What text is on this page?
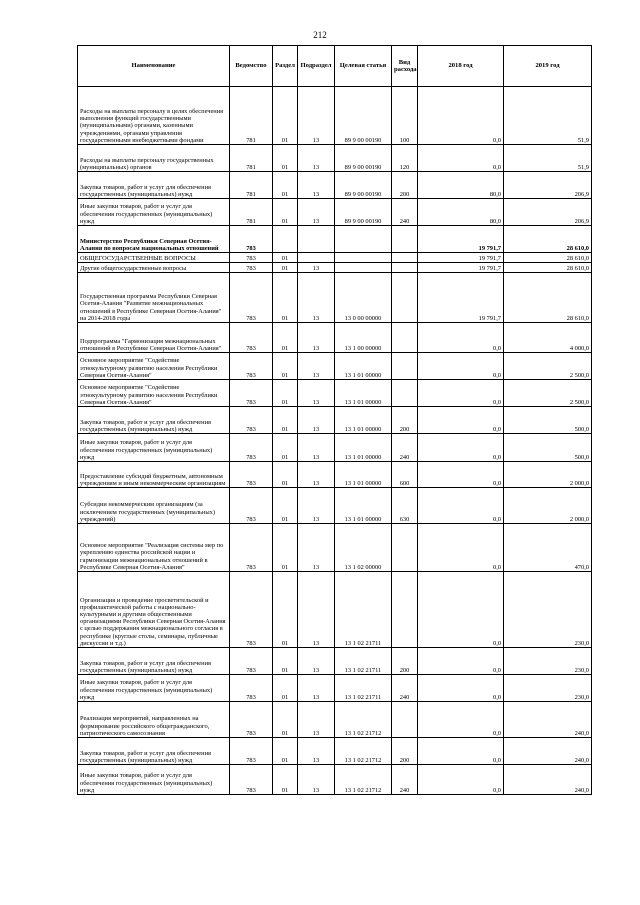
212
Наименование	Ведомство	Раздел	Подраздел	Целевая статья	Вид расхода	2018 год	2019 год
Расходы на выплаты персоналу в целях обеспечения выполнения функций государственными (муниципальными) органами, казенными учреждениями, органами управления государственными внебюджетными фондами	781	01	13	89 9 00 00190	100	0,0	51,9
Расходы на выплаты персоналу государственных (муниципальных) органов	781	01	13	89 9 00 00190	120	0,0	51,9
Закупка товаров, работ и услуг для обеспечения государственных (муниципальных) нужд	781	01	13	89 9 00 00190	200	80,0	206,9
Иные закупки товаров, работ и услуг для обеспечения государственных (муниципальных) нужд	781	01	13	89 9 00 00190	240	80,0	206,9
Министерство Республики Северная Осетия-Алания по вопросам национальных отношений	783					19 791,7	28 610,0
ОБЩЕГОСУДАРСТВЕННЫЕ ВОПРОСЫ	783	01				19 791,7	28 610,0
Другие общегосударственные вопросы	783	01	13			19 791,7	28 610,0
Государственная программа Республики Северная Осетия-Алания "Развитие межнациональных отношений в Республике Северная Осетия-Алания" на 2014-2018 годы	783	01	13	13 0 00 00000		19 791,7	28 610,0
Подпрограмма "Гармонизация межнациональных отношений в Республике Северная Осетия-Алания"	783	01	13	13 1 00 00000		0,0	4 000,0
Основное мероприятие "Содействие этнокультурному развитию населения Республики Северная Осетия-Алания"	783	01	13	13 1 01 00000		0,0	2 500,0
Основное мероприятие "Содействие этнокультурному развитию населения Республики Северная Осетия-Алания"	783	01	13	13 1 01 00000		0,0	2 500,0
Закупка товаров, работ и услуг для обеспечения государственных (муниципальных) нужд	783	01	13	13 1 01 00000	200	0,0	500,0
Иные закупки товаров, работ и услуг для обеспечения государственных (муниципальных) нужд	783	01	13	13 1 01 00000	240	0,0	500,0
Предоставление субсидий бюджетным, автономным учреждениям и иным некоммерческим организациям	783	01	13	13 1 01 00000	600	0,0	2 000,0
Субсидии некоммерческим организациям (за исключением государственных (муниципальных) учреждений)	783	01	13	13 1 01 00000	630	0,0	2 000,0
Основное мероприятие "Реализация системы мер по укреплению единства российской нации и гармонизации межнациональных отношений в Республике Северная Осетия-Алания"	783	01	13	13 1 02 00000		0,0	470,0
Организация и проведение просветительской и профилактической работы с национально-культурными и другими общественными организациями Республики Северная Осетия-Алания с целью поддержания межнационального согласия в республике (круглые столы, семинары, публичные дискуссии и т.д.)	783	01	13	13 1 02 21711		0,0	230,0
Закупка товаров, работ и услуг для обеспечения государственных (муниципальных) нужд	783	01	13	13 1 02 21711	200	0,0	230,0
Иные закупки товаров, работ и услуг для обеспечения государственных (муниципальных) нужд	783	01	13	13 1 02 21711	240	0,0	230,0
Реализация мероприятий, направленных на формирование российского общегражданского, патриотического самосознания	783	01	13	13 1 02 21712		0,0	240,0
Закупка товаров, работ и услуг для обеспечения государственных (муниципальных) нужд	783	01	13	13 1 02 21712	200	0,0	240,0
Иные закупки товаров, работ и услуг для обеспечения государственных (муниципальных) нужд	783	01	13	13 1 02 21712	240	0,0	240,0
